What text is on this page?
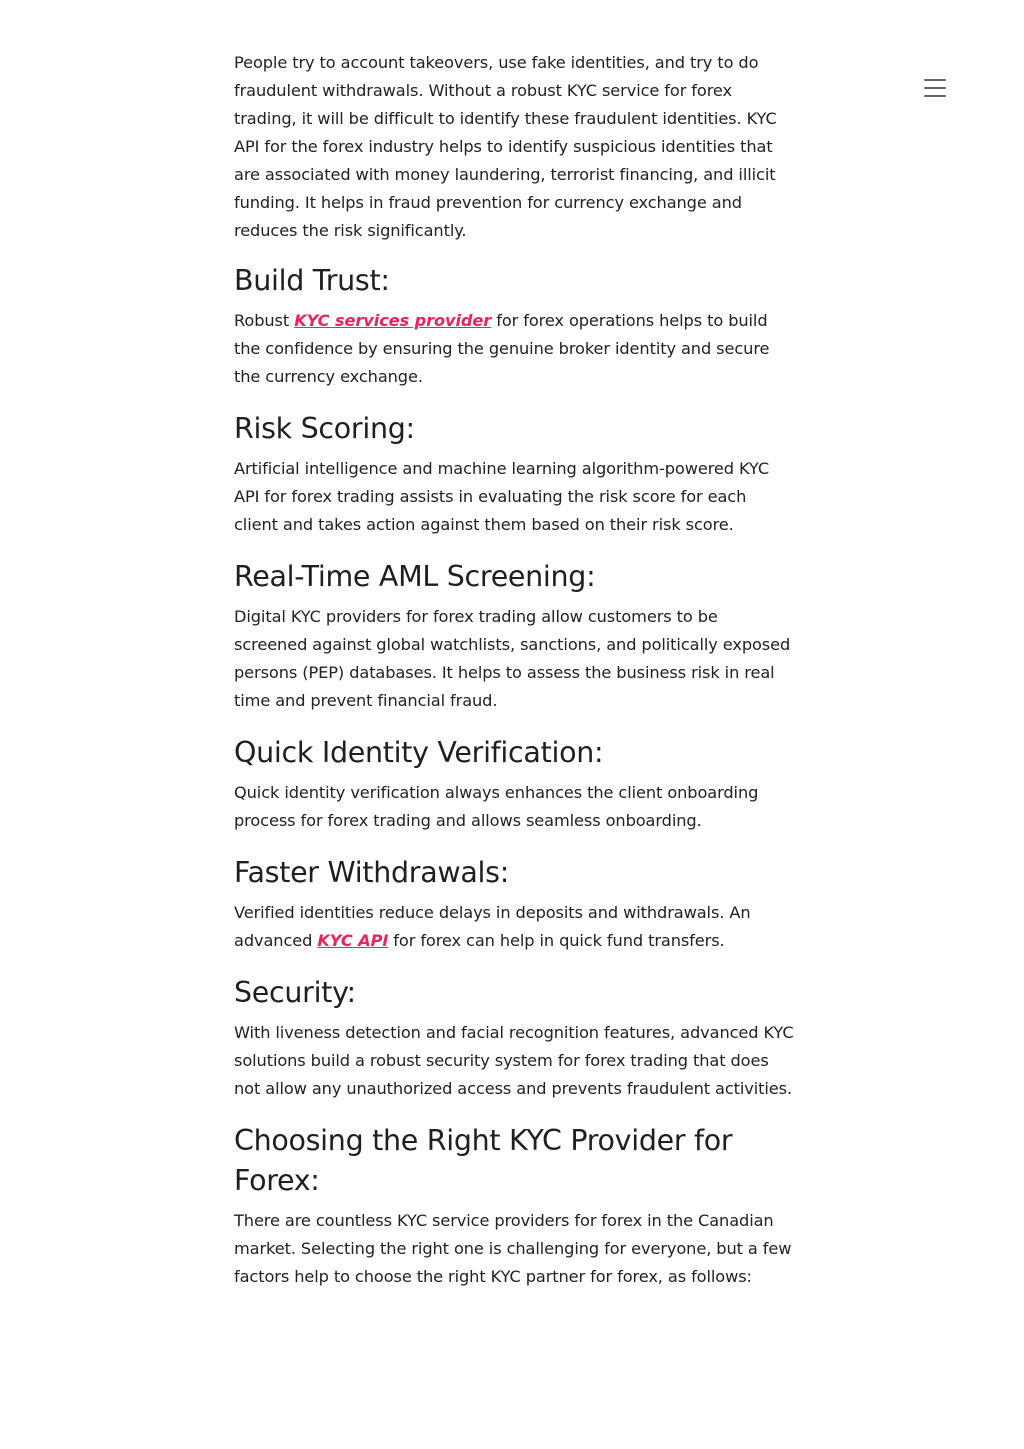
People try to account takeovers, use fake identities, and try to do fraudulent withdrawals. Without a robust KYC service for forex trading, it will be difficult to identify these fraudulent identities. KYC API for the forex industry helps to identify suspicious identities that are associated with money laundering, terrorist financing, and illicit funding. It helps in fraud prevention for currency exchange and reduces the risk significantly.

Build Trust:

Robust KYC services provider for forex operations helps to build the confidence by ensuring the genuine broker identity and secure the currency exchange.

Risk Scoring:

Artificial intelligence and machine learning algorithm-powered KYC API for forex trading assists in evaluating the risk score for each client and takes action against them based on their risk score.

Real-Time AML Screening:

Digital KYC providers for forex trading allow customers to be screened against global watchlists, sanctions, and politically exposed persons (PEP) databases. It helps to assess the business risk in real time and prevent financial fraud.

Quick Identity Verification:

Quick identity verification always enhances the client onboarding process for forex trading and allows seamless onboarding.

Faster Withdrawals:

Verified identities reduce delays in deposits and withdrawals. An advanced KYC API for forex can help in quick fund transfers.

Security:

With liveness detection and facial recognition features, advanced KYC solutions build a robust security system for forex trading that does not allow any unauthorized access and prevents fraudulent activities.

Choosing the Right KYC Provider for Forex:

There are countless KYC service providers for forex in the Canadian market. Selecting the right one is challenging for everyone, but a few factors help to choose the right KYC partner for forex, as follows:
